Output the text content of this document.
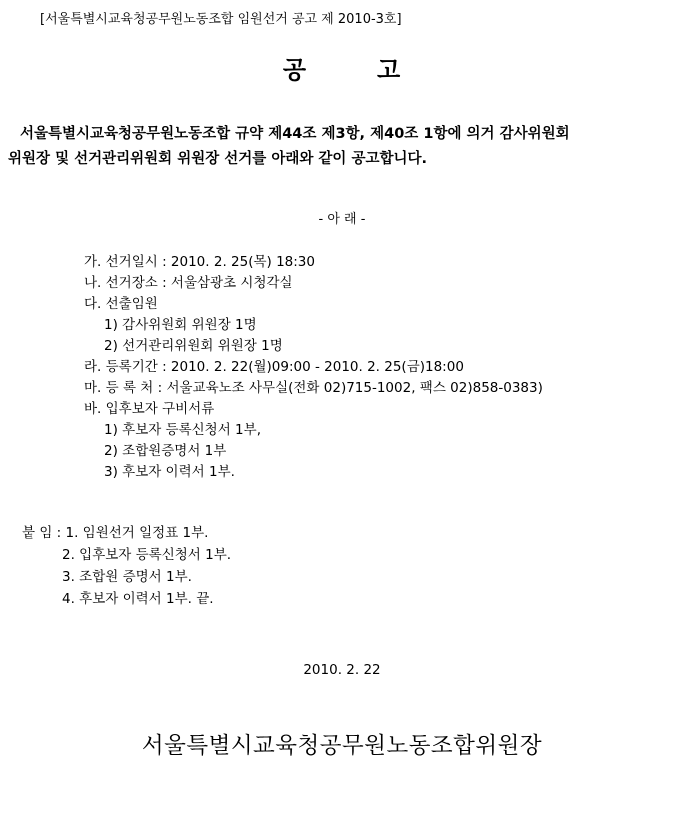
[서울특별시교육청공무원노동조합 임원선거 공고 제 2010-3호]
공	고
서울특별시교육청공무원노동조합 규약 제44조 제3항, 제40조 1항에 의거 감사위원회
위원장 및 선거관리위원회 위원장 선거를 아래와 같이 공고합니다.
- 아 래 -
가. 선거일시 : 2010. 2. 25(목) 18:30
나. 선거장소 : 서울삼광초 시청각실
다. 선출임원
1) 감사위원회 위원장 1명
2) 선거관리위원회 위원장 1명
라. 등록기간 : 2010. 2. 22(월)09:00 - 2010. 2. 25(금)18:00
마. 등 록 처 : 서울교육노조 사무실(전화 02)715-1002, 팩스 02)858-0383)
바. 입후보자 구비서류
1) 후보자 등록신청서 1부,
2) 조합원증명서 1부
3) 후보자 이력서 1부.
붙 임 : 1. 임원선거 일정표 1부.
2. 입후보자 등록신청서 1부.
3. 조합원 증명서 1부.
4. 후보자 이력서 1부. 끝.
2010. 2. 22
서울특별시교육청공무원노동조합위원장
